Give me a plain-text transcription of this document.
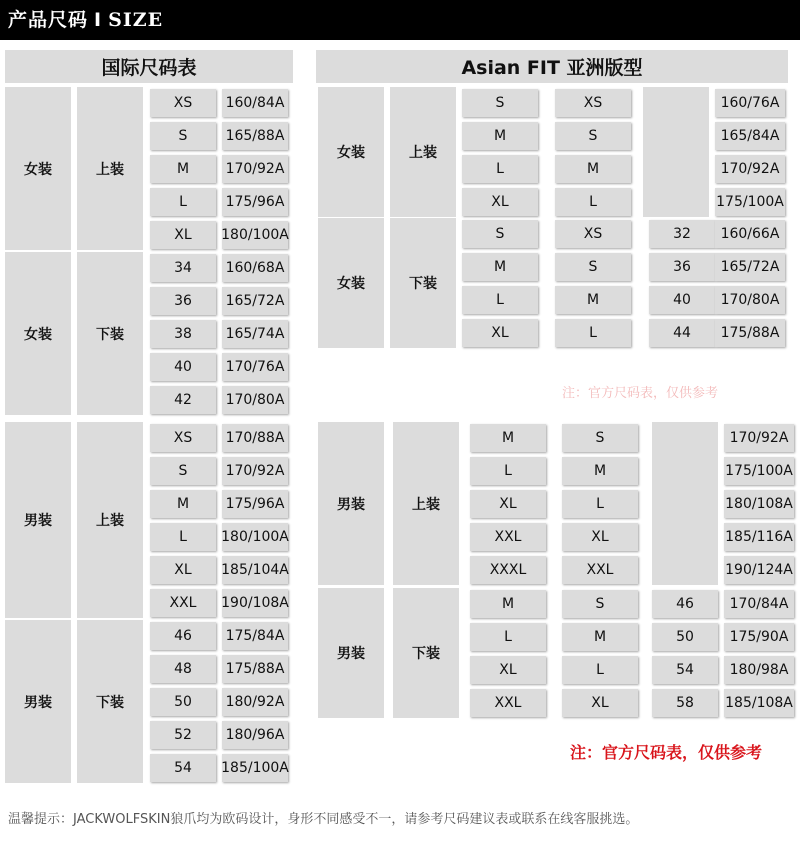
产品尺码 I SIZE
国际尺码表	Asian FIT 亚洲版型
女装	上装
XS	160/84A
S	165/88A
M	170/92A
L	175/96A
XL	180/100A
女装	下装
34	160/68A
36	165/72A
38	165/74A
40	170/76A
42	170/80A
男装	上装
XS	170/88A
S	170/92A
M	175/96A
L	180/100A
XL	185/104A
XXL	190/108A
男装	下装
46	175/84A
48	175/88A
50	180/92A
52	180/96A
54	185/100A
女装	上装
S	XS	160/76A
M	S	165/84A
L	M	170/92A
XL	L	175/100A
女装	下装
S	XS	32	160/66A
M	S	36	165/72A
L	M	40	170/80A
XL	L	44	175/88A
男装	上装
M	S	170/92A
L	M	175/100A
XL	L	180/108A
XXL	XL	185/116A
XXXL	XXL	190/124A
男装	下装
M	S	46	170/84A
L	M	50	175/90A
XL	L	54	180/98A
XXL	XL	58	185/108A
注：官方尺码表，仅供参考
注：官方尺码表，仅供参考
温馨提示：JACKWOLFSKIN狼爪均为欧码设计，身形不同感受不一，请参考尺码建议表或联系在线客服挑选。
